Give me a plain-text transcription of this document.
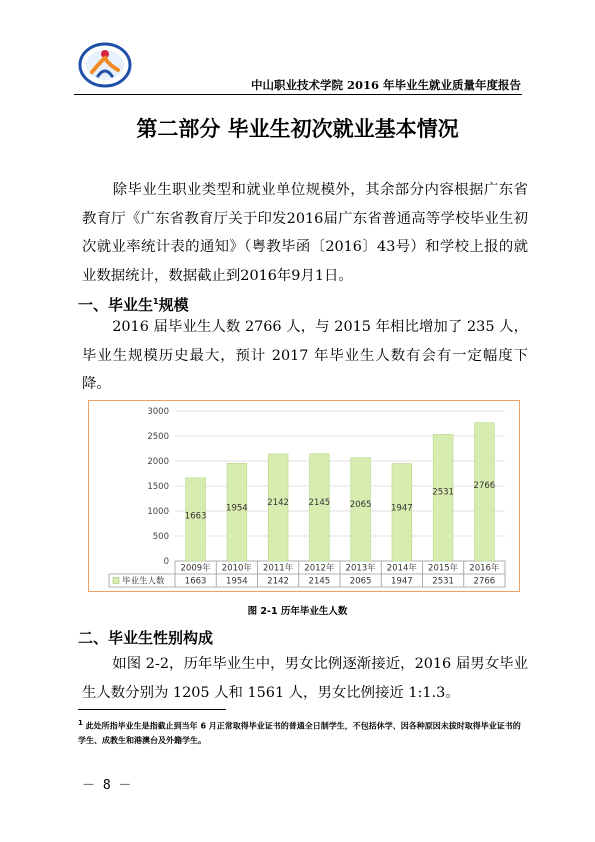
中山职业技术学院 2016 年毕业生就业质量年度报告
第二部分 毕业生初次就业基本情况
除毕业生职业类型和就业单位规模外，其余部分内容根据广东省教育厅《广东省教育厅关于印发2016届广东省普通高等学校毕业生初次就业率统计表的通知》（粤教毕函〔2016〕43号）和学校上报的就业数据统计，数据截止到2016年9月1日。
一、毕业生$^1$规模
2016 届毕业生人数 2766 人，与 2015 年相比增加了 235 人，毕业生规模历史最大，预计 2017 年毕业生人数有会有一定幅度下降。
0
500
1000
1500
2000
2500
3000
毕业生人数
1663
2009年
1663
1954
2010年
1954
2142
2011年
2142
2145
2012年
2145
2065
2013年
2065
1947
2014年
1947
2531
2015年
2531
2766
2016年
2766
图 2-1 历年毕业生人数
二、毕业生性别构成
如图 2-2，历年毕业生中，男女比例逐渐接近，2016 届男女毕业生人数分别为 1205 人和 1561 人，男女比例接近 1:1.3。
$^1$ 此处所指毕业生是指截止到当年 6 月正常取得毕业证书的普通全日制学生，不包括休学、因各种原因未拔时取得毕业证书的学生、成教生和港澳台及外籍学生。
－ 8 －
